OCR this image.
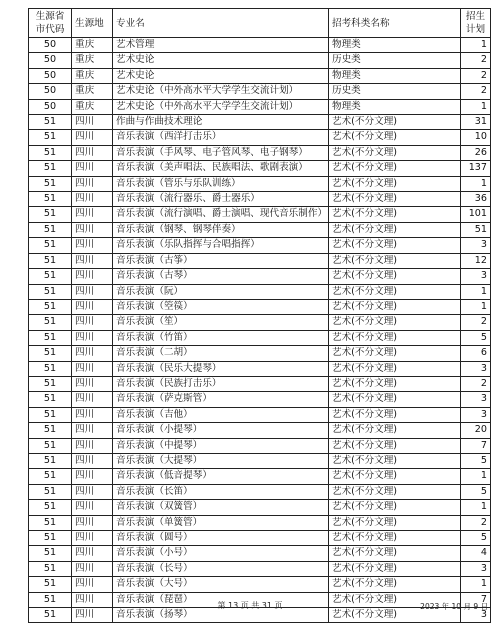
生源省市代码	生源地	专业名	招考科类名称	招生计划
50	重庆	艺术管理	物理类	1
50	重庆	艺术史论	历史类	2
50	重庆	艺术史论	物理类	2
50	重庆	艺术史论（中外高水平大学学生交流计划）	历史类	2
50	重庆	艺术史论（中外高水平大学学生交流计划）	物理类	1
51	四川	作曲与作曲技术理论	艺术(不分文理)	31
51	四川	音乐表演（西洋打击乐）	艺术(不分文理)	10
51	四川	音乐表演（手风琴、电子管风琴、电子钢琴）	艺术(不分文理)	26
51	四川	音乐表演（美声唱法、民族唱法、歌剧表演）	艺术(不分文理)	137
51	四川	音乐表演（管乐与乐队训练）	艺术(不分文理)	1
51	四川	音乐表演（流行器乐、爵士器乐）	艺术(不分文理)	36
51	四川	音乐表演（流行演唱、爵士演唱、现代音乐制作）	艺术(不分文理)	101
51	四川	音乐表演（钢琴、钢琴伴奏）	艺术(不分文理)	51
51	四川	音乐表演（乐队指挥与合唱指挥）	艺术(不分文理)	3
51	四川	音乐表演（古筝）	艺术(不分文理)	12
51	四川	音乐表演（古琴）	艺术(不分文理)	3
51	四川	音乐表演（阮）	艺术(不分文理)	1
51	四川	音乐表演（箜篌）	艺术(不分文理)	1
51	四川	音乐表演（笙）	艺术(不分文理)	2
51	四川	音乐表演（竹笛）	艺术(不分文理)	5
51	四川	音乐表演（二胡）	艺术(不分文理)	6
51	四川	音乐表演（民乐大提琴）	艺术(不分文理)	3
51	四川	音乐表演（民族打击乐）	艺术(不分文理)	2
51	四川	音乐表演（萨克斯管）	艺术(不分文理)	3
51	四川	音乐表演（吉他）	艺术(不分文理)	3
51	四川	音乐表演（小提琴）	艺术(不分文理)	20
51	四川	音乐表演（中提琴）	艺术(不分文理)	7
51	四川	音乐表演（大提琴）	艺术(不分文理)	5
51	四川	音乐表演（低音提琴）	艺术(不分文理)	1
51	四川	音乐表演（长笛）	艺术(不分文理)	5
51	四川	音乐表演（双簧管）	艺术(不分文理)	1
51	四川	音乐表演（单簧管）	艺术(不分文理)	2
51	四川	音乐表演（圆号）	艺术(不分文理)	5
51	四川	音乐表演（小号）	艺术(不分文理)	4
51	四川	音乐表演（长号）	艺术(不分文理)	3
51	四川	音乐表演（大号）	艺术(不分文理)	1
51	四川	音乐表演（琵琶）	艺术(不分文理)	7
51	四川	音乐表演（扬琴）	艺术(不分文理)	3
第 13 页 共 31 页	2023 年 10 月 9 日
